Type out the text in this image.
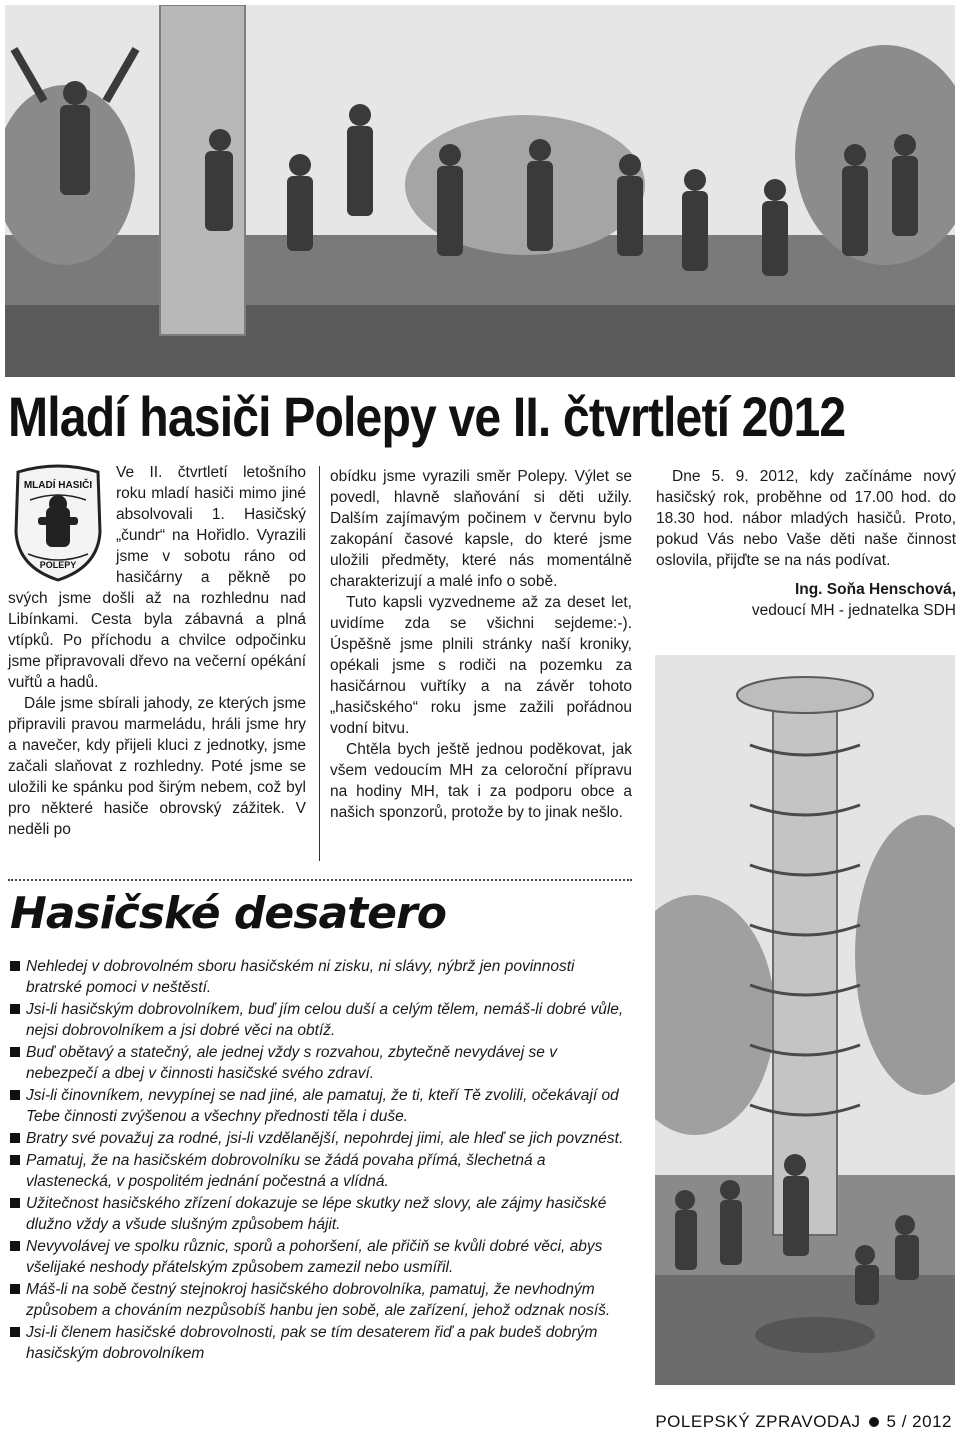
Mladí hasiči Polepy ve II. čtvrtletí 2012
MLADÍ HASIČI
POLEPY

Ve II. čtvrtletí letošního roku mladí hasiči mimo jiné absolvovali 1. Hasičský „čundr“ na Hořidlo. Vyrazili jsme v sobotu ráno od hasičárny a pěkně po svých jsme došli až na rozhlednu nad Libínkami. Cesta byla zábavná a plná vtípků. Po příchodu a chvilce odpočinku jsme připravovali dřevo na večerní opékání vuřtů a hadů.

Dále jsme sbírali jahody, ze kterých jsme připravili pravou marmeládu, hráli jsme hry a navečer, kdy přijeli kluci z jednotky, jsme začali slaňovat z rozhledny. Poté jsme se uložili ke spánku pod širým nebem, což byl pro některé hasiče obrovský zážitek. V neděli po

obídku jsme vyrazili směr Polepy. Výlet se povedl, hlavně slaňování si děti užily. Dalším zajímavým počinem v červnu bylo zakopání časové kapsle, do které jsme uložili předměty, které nás momentálně charakterizují a malé info o sobě.

Tuto kapsli vyzvedneme až za deset let, uvidíme zda se všichni sejdeme:-). Úspěšně jsme plnili stránky naší kroniky, opékali jsme s rodiči na pozemku za hasičárnou vuřtíky a na závěr tohoto „hasičského“ roku jsme zažili pořádnou vodní bitvu.

Chtěla bych ještě jednou poděkovat, jak všem vedoucím MH za celoroční přípravu na hodiny MH, tak i za podporu obce a našich sponzorů, protože by to jinak nešlo.

Dne 5. 9. 2012, kdy začínáme nový hasičský rok, proběhne od 17.00 hod. do 18.30 hod. nábor mladých hasičů. Proto, pokud Vás nebo Vaše děti naše činnost oslovila, přijďte se na nás podívat.

Ing. Soňa Henschová,
vedoucí MH - jednatelka SDH
Hasičské desatero
Nehledej v dobrovolném sboru hasičském ni zisku, ni slávy, nýbrž jen povinnosti bratrské pomoci v neštěstí.
Jsi-li hasičským dobrovolníkem, buď jím celou duší a celým tělem, nemáš-li dobré vůle, nejsi dobrovolníkem a jsi dobré věci na obtíž.
Buď obětavý a statečný, ale jednej vždy s rozvahou, zbytečně nevydávej se v nebezpečí a dbej v činnosti hasičské svého zdraví.
Jsi-li činovníkem, nevypínej se nad jiné, ale pamatuj, že ti, kteří Tě zvolili, očekávají od Tebe činnosti zvýšenou a všechny přednosti těla i duše.
Bratry své považuj za rodné, jsi-li vzdělanější, nepohrdej jimi, ale hleď se jich povznést.
Pamatuj, že na hasičském dobrovolníku se žádá povaha přímá, šlechetná a vlastenecká, v pospolitém jednání počestná a vlídná.
Užitečnost hasičského zřízení dokazuje se lépe skutky než slovy, ale zájmy hasičské dlužno vždy a všude slušným způsobem hájit.
Nevyvolávej ve spolku různic, sporů a pohoršení, ale přičiň se kvůli dobré věci, abys všelijaké neshody přátelským způsobem zamezil nebo usmířil.
Máš-li na sobě čestný stejnokroj hasičského dobrovolníka, pamatuj, že nevhodným způsobem a chováním nezpůsobíš hanbu jen sobě, ale zařízení, jehož odznak nosíš.
Jsi-li členem hasičské dobrovolnosti, pak se tím desaterem řiď a pak budeš dobrým hasičským dobrovolníkem
POLEPSKÝ ZPRAVODAJ 5 / 2012
